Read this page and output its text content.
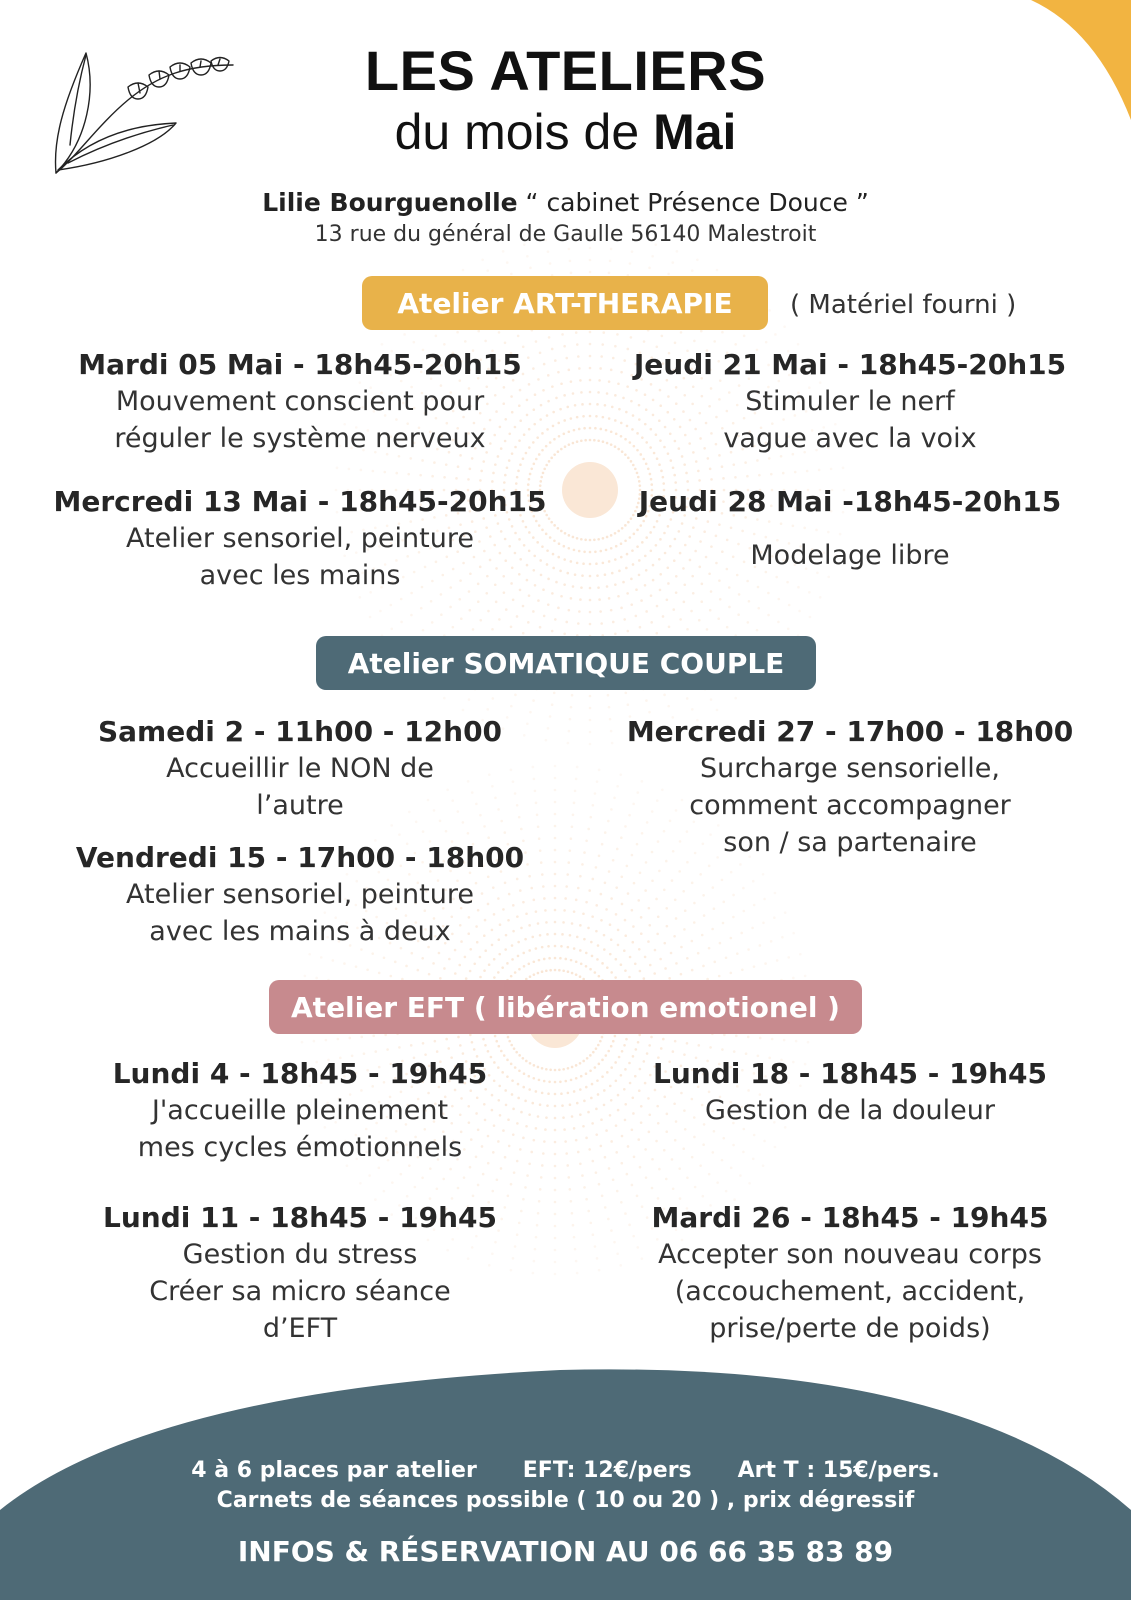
LES ATELIERS
du mois de Mai
Lilie Bourguenolle “ cabinet Présence Douce ”
13 rue du général de Gaulle 56140 Malestroit
Atelier ART-THERAPIE	( Matériel fourni )
Mardi 05 Mai - 18h45-20h15
Mouvement conscient pour
réguler le système nerveux
Jeudi 21 Mai - 18h45-20h15
Stimuler le nerf
vague avec la voix
Mercredi 13 Mai - 18h45-20h15
Atelier sensoriel, peinture
avec les mains
Jeudi 28 Mai -18h45-20h15
Modelage libre
Atelier SOMATIQUE COUPLE
Samedi 2 - 11h00 - 12h00
Accueillir le NON de
l’autre
Mercredi 27 - 17h00 - 18h00
Surcharge sensorielle,
comment accompagner
son / sa partenaire
Vendredi 15 - 17h00 - 18h00
Atelier sensoriel, peinture
avec les mains à deux
Atelier EFT ( libération emotionel )
Lundi 4 - 18h45 - 19h45
J'accueille pleinement
mes cycles émotionnels
Lundi 18 - 18h45 - 19h45
Gestion de la douleur
Lundi 11 - 18h45 - 19h45
Gestion du stress
Créer sa micro séance
d’EFT
Mardi 26 - 18h45 - 19h45
Accepter son nouveau corps
(accouchement, accident,
prise/perte de poids)
4 à 6 places par atelier      EFT: 12€/pers      Art T : 15€/pers.
Carnets de séances possible ( 10 ou 20 ) , prix dégressif
INFOS & RÉSERVATION AU 06 66 35 83 89
